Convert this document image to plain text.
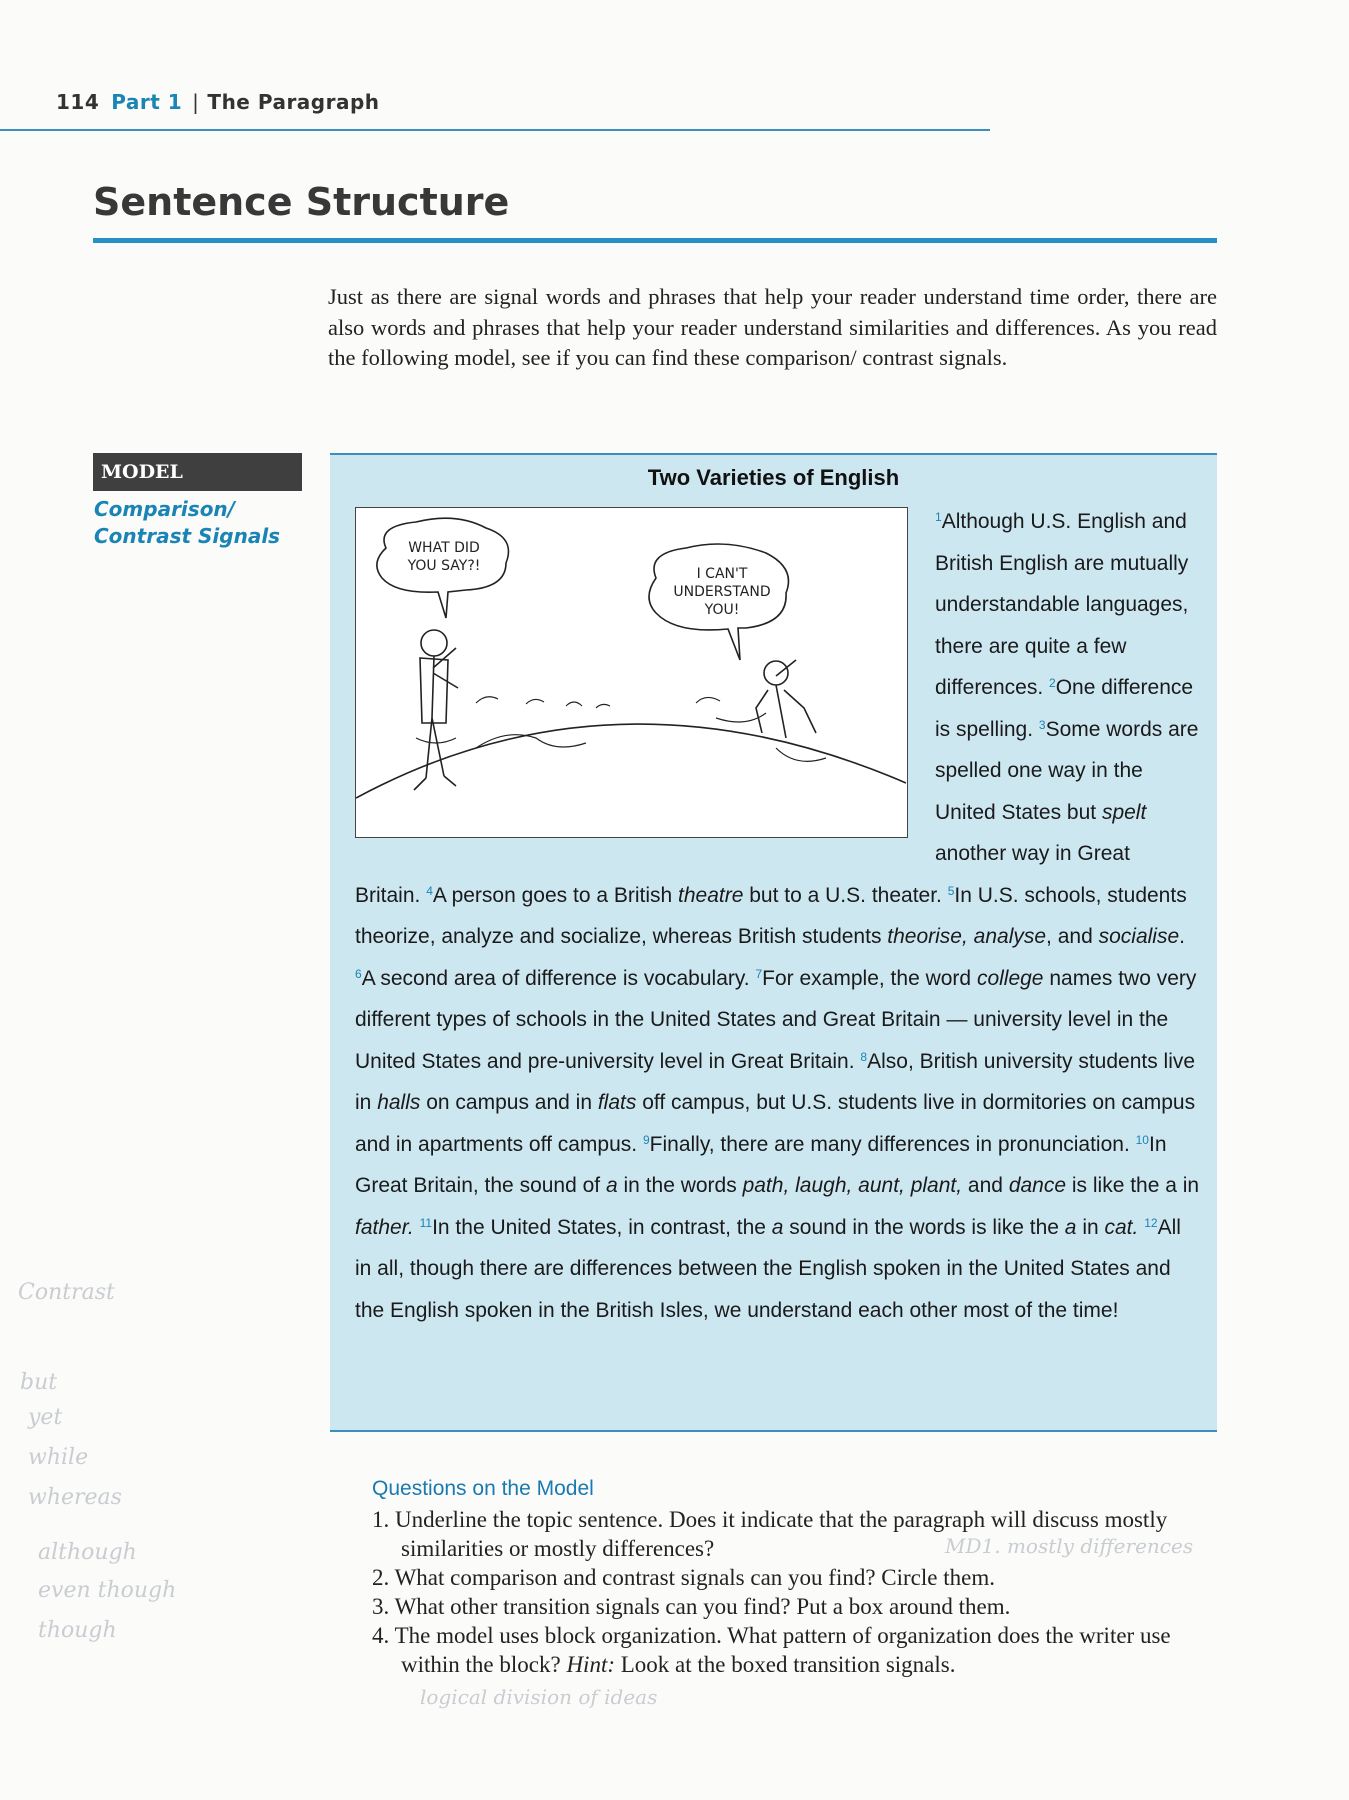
114 Part 1 | The Paragraph
Sentence Structure
Just as there are signal words and phrases that help your reader understand time order, there are also words and phrases that help your reader understand similarities and differences. As you read the following model, see if you can find these comparison/ contrast signals.
MODEL
Comparison/
Contrast Signals
Two Varieties of English
WHAT DID
YOU SAY?!	I CAN'T
UNDERSTAND
YOU!
$^1$Although U.S. English and British English are mutually understandable languages, there are quite a few differences. $^2$One difference is spelling. $^3$Some words are spelled one way in the United States but spelt another way in Great Britain. $^4$A person goes to a British theatre but to a U.S. theater. $^5$In U.S. schools, students theorize, analyze and socialize, whereas British students theorise, analyse, and socialise. $^6$A second area of difference is vocabulary. $^7$For example, the word college names two very different types of schools in the United States and Great Britain — university level in the United States and pre-university level in Great Britain. $^8$Also, British university students live in halls on campus and in flats off campus, but U.S. students live in dormitories on campus and in apartments off campus. $^9$Finally, there are many differences in pronunciation. $^{10}$In Great Britain, the sound of a in the words path, laugh, aunt, plant, and dance is like the a in father. $^{11}$In the United States, in contrast, the a sound in the words is like the a in cat. $^{12}$All in all, though there are differences between the English spoken in the United States and the English spoken in the British Isles, we understand each other most of the time!
Questions on the Model
1. Underline the topic sentence. Does it indicate that the paragraph will discuss mostly similarities or mostly differences?
2. What comparison and contrast signals can you find? Circle them.
3. What other transition signals can you find? Put a box around them.
4. The model uses block organization. What pattern of organization does the writer use within the block? Hint: Look at the boxed transition signals.
Contrast
but
yet
while
whereas
although
even though
though
MD1. mostly differences
logical division of ideas
